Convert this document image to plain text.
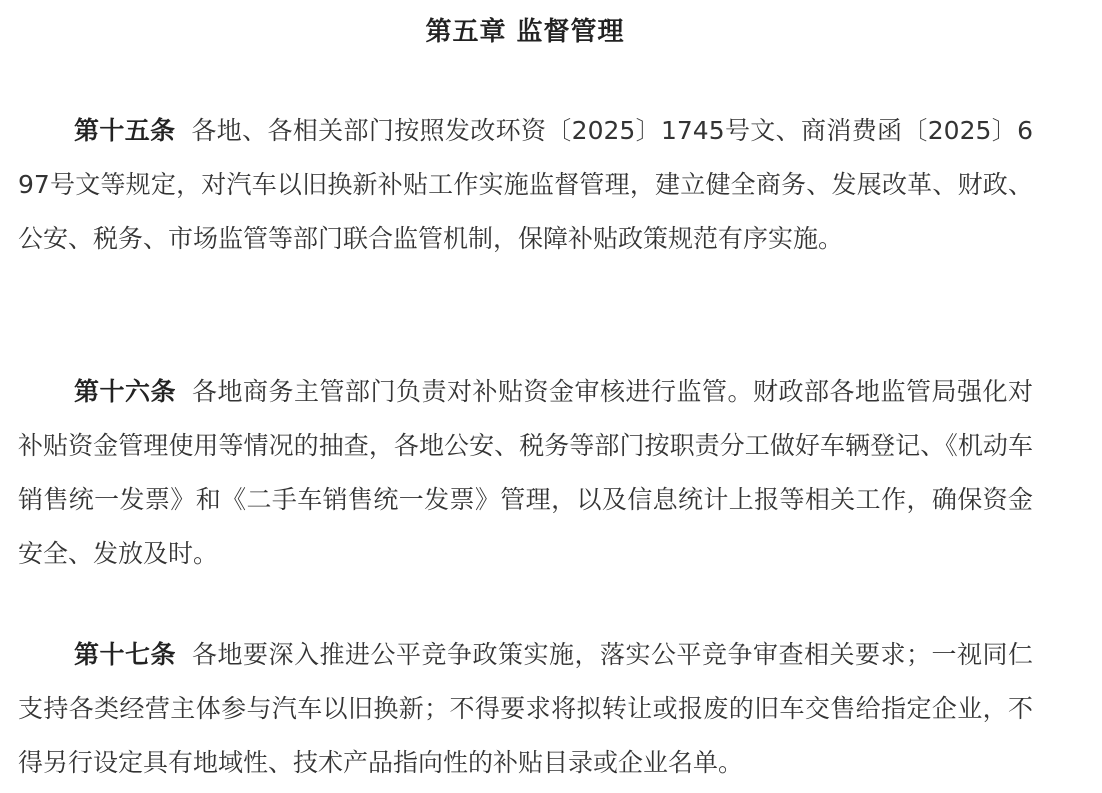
第五章 监督管理

第十五条 各地、各相关部门按照发改环资〔2025〕1745号文、商消费函〔2025〕697号文等规定，对汽车以旧换新补贴工作实施监督管理，建立健全商务、发展改革、财政、公安、税务、市场监管等部门联合监管机制，保障补贴政策规范有序实施。

第十六条 各地商务主管部门负责对补贴资金审核进行监管。财政部各地监管局强化对补贴资金管理使用等情况的抽查，各地公安、税务等部门按职责分工做好车辆登记、《机动车销售统一发票》和《二手车销售统一发票》管理，以及信息统计上报等相关工作，确保资金安全、发放及时。

第十七条 各地要深入推进公平竞争政策实施，落实公平竞争审查相关要求；一视同仁支持各类经营主体参与汽车以旧换新；不得要求将拟转让或报废的旧车交售给指定企业，不得另行设定具有地域性、技术产品指向性的补贴目录或企业名单。
